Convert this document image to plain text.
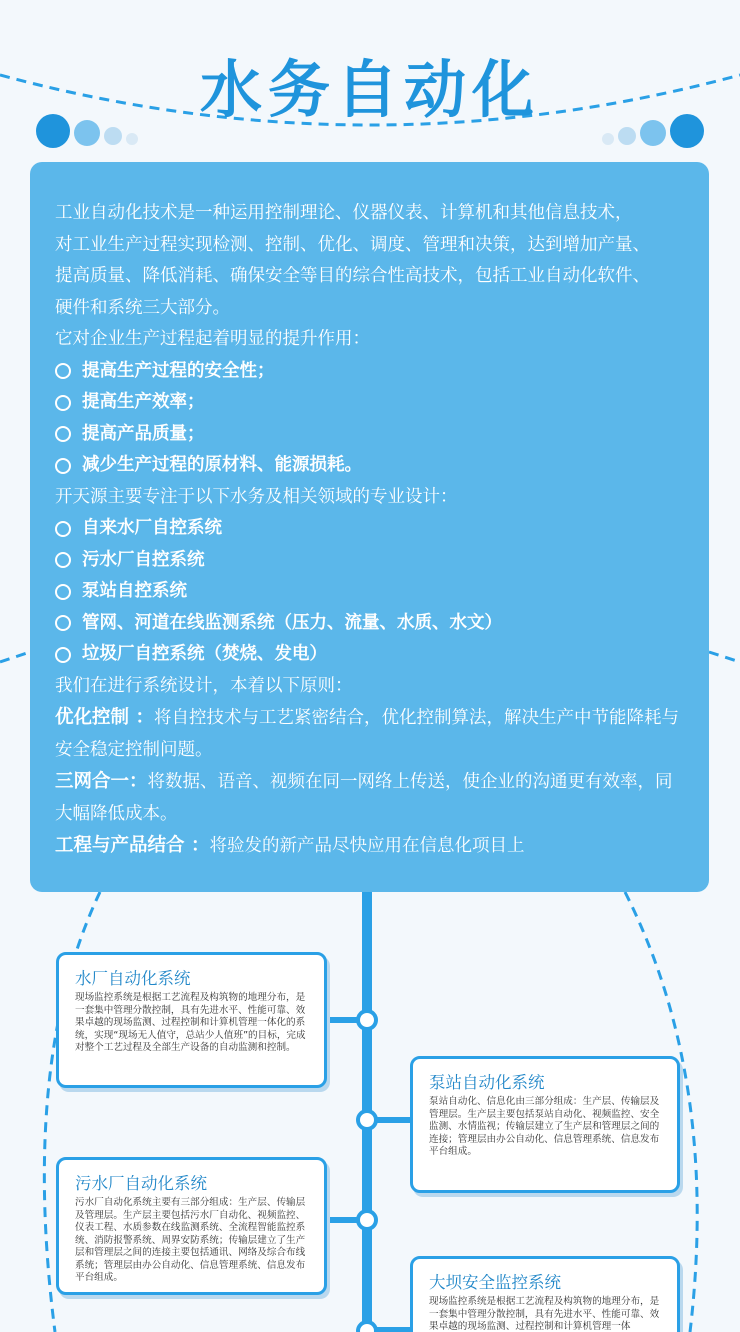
水务自动化

工业自动化技术是一种运用控制理论、仪器仪表、计算机和其他信息技术，

对工业生产过程实现检测、控制、优化、调度、管理和决策，达到增加产量、

提高质量、降低消耗、确保安全等目的综合性高技术，包括工业自动化软件、

硬件和系统三大部分。

它对企业生产过程起着明显的提升作用：

提高生产过程的安全性；

提高生产效率；

提高产品质量；

减少生产过程的原材料、能源损耗。

开天源主要专注于以下水务及相关领域的专业设计：

自来水厂自控系统

污水厂自控系统

泵站自控系统

管网、河道在线监测系统（压力、流量、水质、水文）

垃圾厂自控系统（焚烧、发电）

我们在进行系统设计，本着以下原则：

优化控制 ：将自控技术与工艺紧密结合，优化控制算法，解决生产中节能降耗与安全稳定控制问题。

三网合一：将数据、语音、视频在同一网络上传送，使企业的沟通更有效率，同大幅降低成本。

工程与产品结合 ：将验发的新产品尽快应用在信息化项目上

水厂自动化系统

现场监控系统是根据工艺流程及构筑物的地理分布，是一套集中管理分散控制，具有先进水平、性能可靠、效果卓越的现场监测、过程控制和计算机管理一体化的系统，实现“现场无人值守，总站少人值班”的目标，完成对整个工艺过程及全部生产设备的自动监测和控制。

泵站自动化系统

泵站自动化、信息化由三部分组成：生产层、传输层及管理层。生产层主要包括泵站自动化、视频监控、安全监测、水情监视；传输层建立了生产层和管理层之间的连接；管理层由办公自动化、信息管理系统、信息发布平台组成。

污水厂自动化系统

污水厂自动化系统主要有三部分组成：生产层、传输层及管理层。生产层主要包括污水厂自动化、视频监控、仪表工程、水质参数在线监测系统、全流程智能监控系统、消防报警系统、周界安防系统；传输层建立了生产层和管理层之间的连接主要包括通讯、网络及综合布线系统；管理层由办公自动化、信息管理系统、信息发布平台组成。	大坝安全监控系统

现场监控系统是根据工艺流程及构筑物的地理分布，是一套集中管理分散控制，具有先进水平、性能可靠、效果卓越的现场监测、过程控制和计算机管理一体
